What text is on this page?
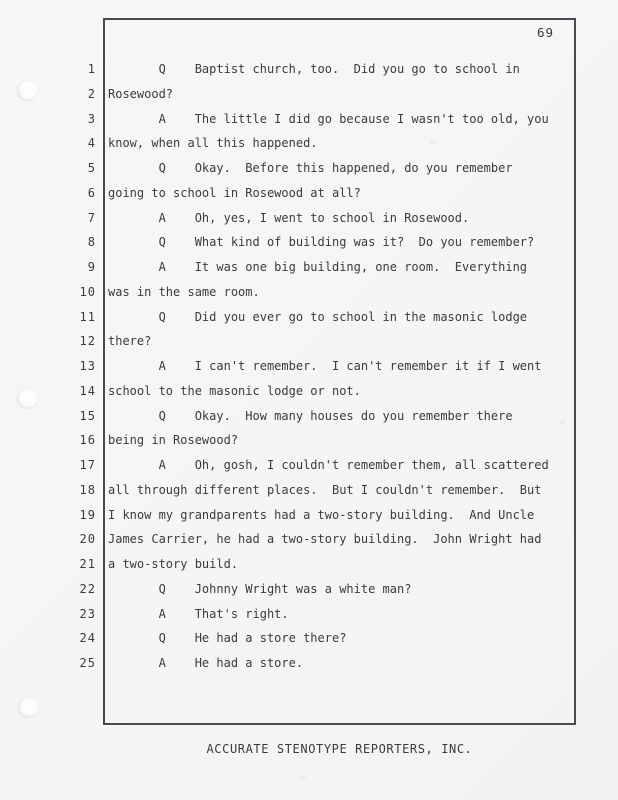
69
1 Q    Baptist church, too.  Did you go to school in
2 Rosewood?
3 A    The little I did go because I wasn't too old, you
4 know, when all this happened.
5 Q    Okay.  Before this happened, do you remember
6 going to school in Rosewood at all?
7 A    Oh, yes, I went to school in Rosewood.
8 Q    What kind of building was it?  Do you remember?
9 A    It was one big building, one room.  Everything
10 was in the same room.
11 Q    Did you ever go to school in the masonic lodge
12 there?
13 A    I can't remember.  I can't remember it if I went
14 school to the masonic lodge or not.
15 Q    Okay.  How many houses do you remember there
16 being in Rosewood?
17 A    Oh, gosh, I couldn't remember them, all scattered
18 all through different places.  But I couldn't remember.  But
19 I know my grandparents had a two-story building.  And Uncle
20 James Carrier, he had a two-story building.  John Wright had
21 a two-story build.
22 Q    Johnny Wright was a white man?
23 A    That's right.
24 Q    He had a store there?
25 A    He had a store.
ACCURATE STENOTYPE REPORTERS, INC.
